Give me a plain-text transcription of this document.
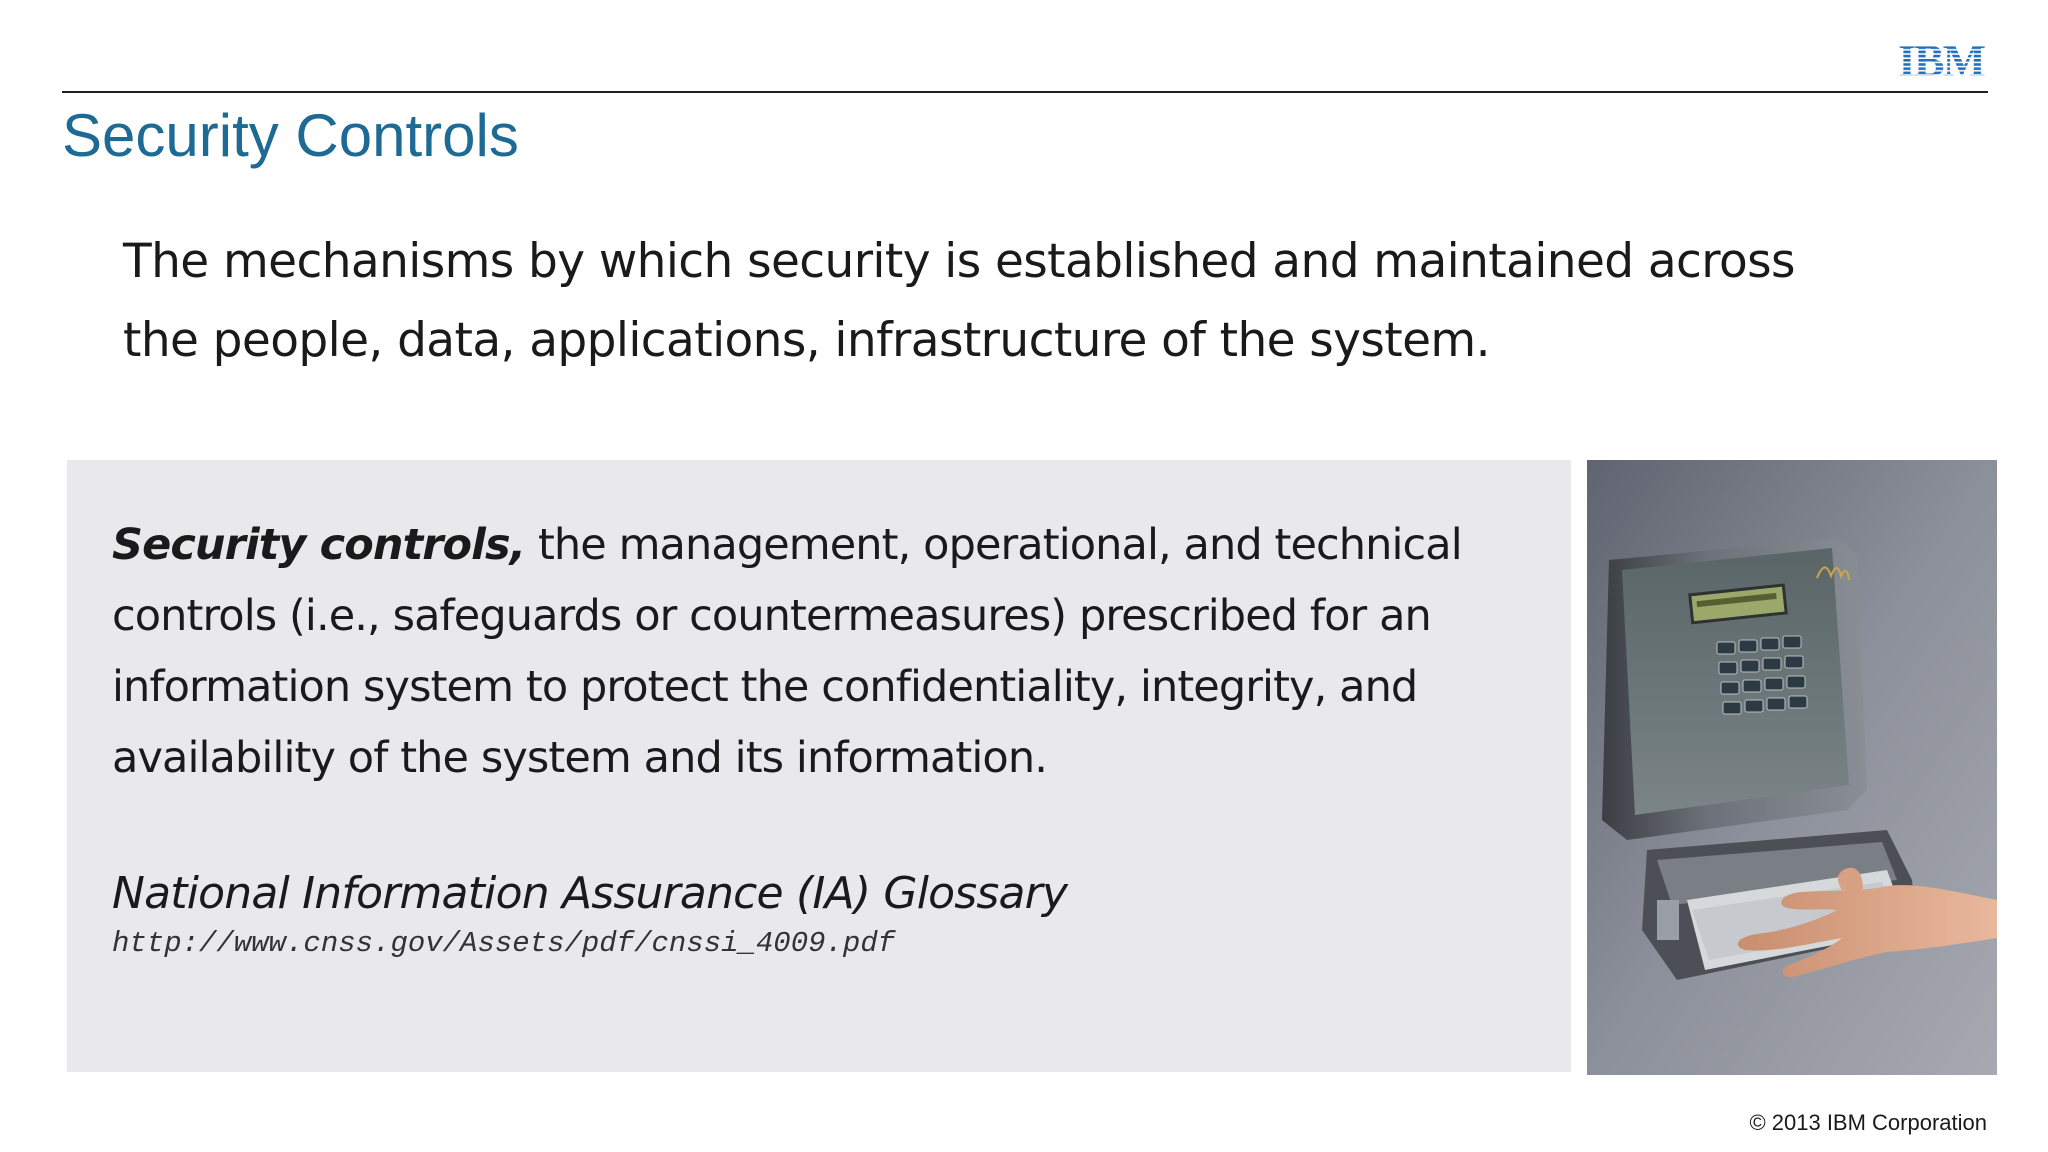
IBM
Security Controls
The mechanisms by which security is established and maintained across
the people, data, applications, infrastructure of the system.
Security controls, the management, operational, and technical
controls (i.e., safeguards or countermeasures) prescribed for an
information system to protect the confidentiality, integrity, and
availability of the system and its information.
National Information Assurance (IA) Glossary
http://www.cnss.gov/Assets/pdf/cnssi_4009.pdf
© 2013 IBM Corporation
